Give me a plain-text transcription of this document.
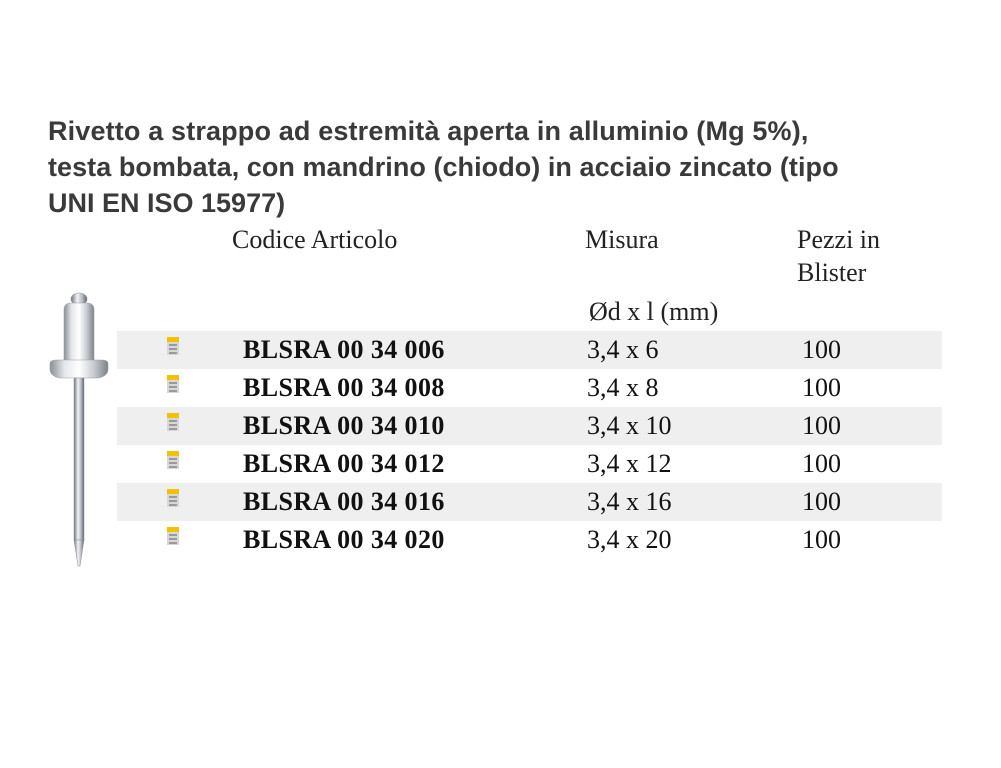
Rivetto a strappo ad estremità aperta in alluminio (Mg 5%),
testa bombata, con mandrino (chiodo) in acciaio zincato (tipo
UNI EN ISO 15977)
Codice Articolo	Misura	Pezzi in
Blister
Ød x l (mm)
BLSRA 00 34 006	3,4 x 6	100
BLSRA 00 34 008	3,4 x 8	100
BLSRA 00 34 010	3,4 x 10	100
BLSRA 00 34 012	3,4 x 12	100
BLSRA 00 34 016	3,4 x 16	100
BLSRA 00 34 020	3,4 x 20	100
